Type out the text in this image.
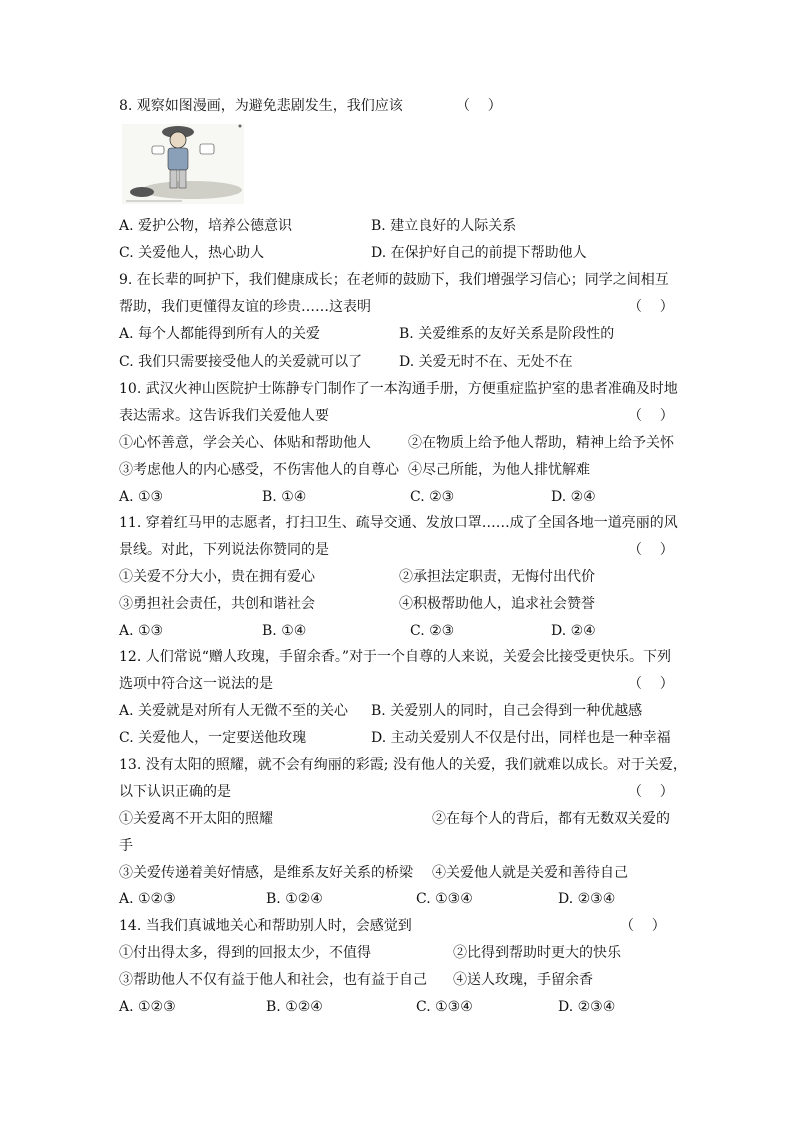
8. 观察如图漫画，为避免悲剧发生，我们应该	（    ）
A. 爱护公物，培养公德意识	B. 建立良好的人际关系
C. 关爱他人，热心助人	D. 在保护好自己的前提下帮助他人
9. 在长辈的呵护下，我们健康成长；在老师的鼓励下，我们增强学习信心；同学之间相互
帮助，我们更懂得友谊的珍贵……这表明	（    ）
A. 每个人都能得到所有人的关爱	B. 关爱维系的友好关系是阶段性的
C. 我们只需要接受他人的关爱就可以了	D. 关爱无时不在、无处不在
10. 武汉火神山医院护士陈静专门制作了一本沟通手册，方便重症监护室的患者准确及时地
表达需求。这告诉我们关爱他人要	（    ）
①心怀善意，学会关心、体贴和帮助他人	②在物质上给予他人帮助，精神上给予关怀
③考虑他人的内心感受，不伤害他人的自尊心 ④尽己所能，为他人排忧解难
A. ①③	B. ①④	C. ②③	D. ②④
11. 穿着红马甲的志愿者，打扫卫生、疏导交通、发放口罩……成了全国各地一道亮丽的风
景线。对此，下列说法你赞同的是	（    ）
①关爱不分大小，贵在拥有爱心	②承担法定职责，无悔付出代价
③勇担社会责任，共创和谐社会	④积极帮助他人，追求社会赞誉
A. ①③	B. ①④	C. ②③	D. ②④
12. 人们常说“赠人玫瑰，手留余香。”对于一个自尊的人来说，关爱会比接受更快乐。下列
选项中符合这一说法的是	（    ）
A. 关爱就是对所有人无微不至的关心 B. 关爱别人的同时，自己会得到一种优越感
C. 关爱他人，一定要送他玫瑰	D. 主动关爱别人不仅是付出，同样也是一种幸福
13. 没有太阳的照耀，就不会有绚丽的彩霞; 没有他人的关爱，我们就难以成长。对于关爱，
以下认识正确的是	（    ）
①关爱离不开太阳的照耀	②在每个人的背后，都有无数双关爱的
手
③关爱传递着美好情感，是维系友好关系的桥梁 ④关爱他人就是关爱和善待自己
A. ①②③	B. ①②④	C. ①③④	D. ②③④
14. 当我们真诚地关心和帮助别人时，会感觉到	（    ）
①付出得太多，得到的回报太少，不值得	②比得到帮助时更大的快乐
③帮助他人不仅有益于他人和社会，也有益于自己 ④送人玫瑰，手留余香
A. ①②③	B. ①②④	C. ①③④	D. ②③④
